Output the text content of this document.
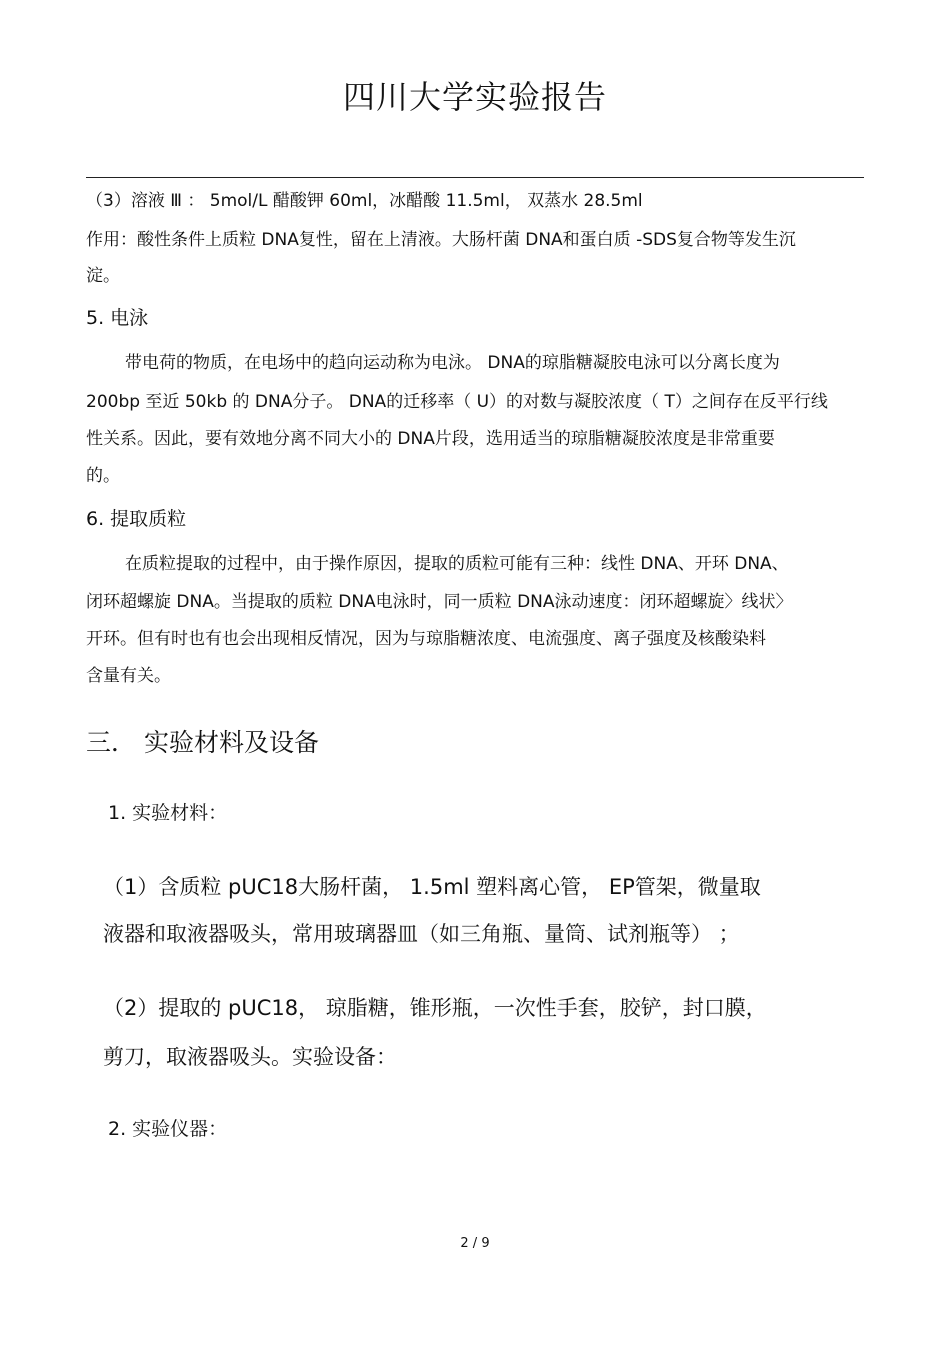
四川大学实验报告
（3）溶液 Ⅲ ： 5mol/L 醋酸钾 60ml，冰醋酸 11.5ml， 双蒸水 28.5ml
作用：酸性条件上质粒 DNA复性，留在上清液。大肠杆菌 DNA和蛋白质 -SDS复合物等发生沉
淀。
5. 电泳
带电荷的物质，在电场中的趋向运动称为电泳。 DNA的琼脂糖凝胶电泳可以分离长度为
200bp 至近 50kb 的 DNA分子。 DNA的迁移率（ U）的对数与凝胶浓度（ T）之间存在反平行线
性关系。因此，要有效地分离不同大小的 DNA片段，选用适当的琼脂糖凝胶浓度是非常重要
的。
6. 提取质粒
在质粒提取的过程中，由于操作原因，提取的质粒可能有三种：线性 DNA、开环 DNA、
闭环超螺旋 DNA。当提取的质粒 DNA电泳时，同一质粒 DNA泳动速度：闭环超螺旋〉线状〉
开环。但有时也有也会出现相反情况，因为与琼脂糖浓度、电流强度、离子强度及核酸染料
含量有关。
三． 实验材料及设备
1. 实验材料：
（1）含质粒 pUC18大肠杆菌， 1.5ml 塑料离心管， EP管架，微量取
液器和取液器吸头，常用玻璃器皿（如三角瓶、量筒、试剂瓶等） ；
（2）提取的 pUC18， 琼脂糖，锥形瓶，一次性手套，胶铲，封口膜，
剪刀，取液器吸头。实验设备：
2. 实验仪器：
2 / 9
